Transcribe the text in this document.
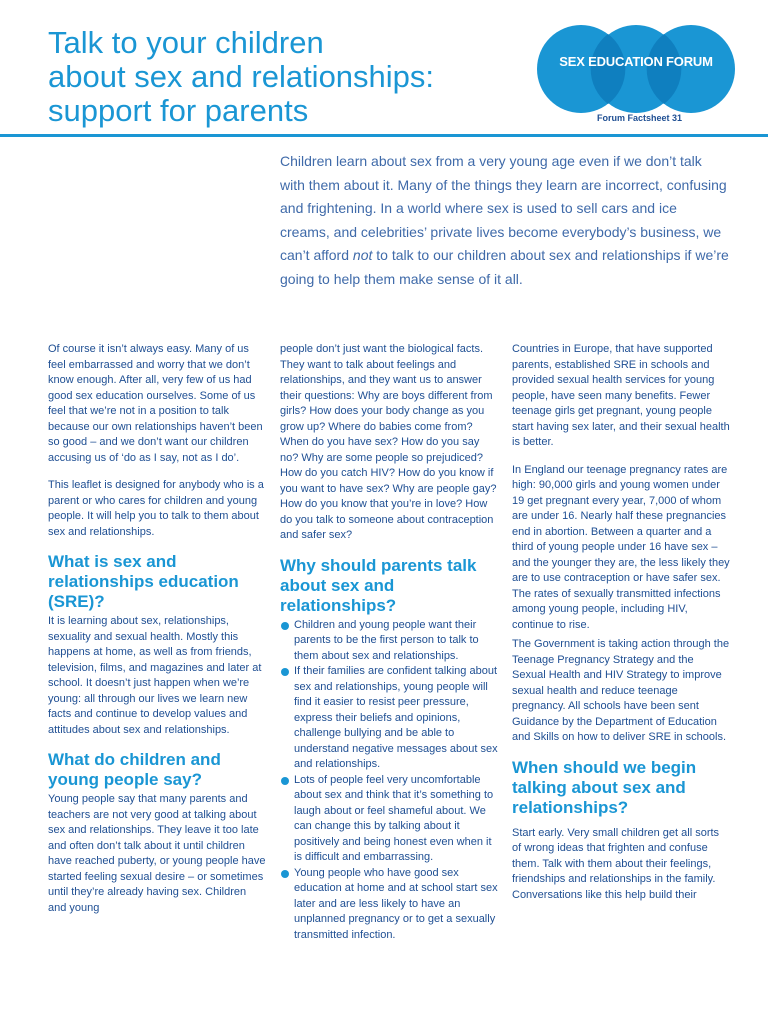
Talk to your children
about sex and relationships:
support for parents
SEX EDUCATION FORUM
Forum Factsheet 31

Children learn about sex from a very young age even if we don’t talk with them about it. Many of the things they learn are incorrect, confusing and frightening. In a world where sex is used to sell cars and ice creams, and celebrities’ private lives become everybody’s business, we can’t afford not to talk to our children about sex and relationships if we’re going to help them make sense of it all.

Of course it isn’t always easy. Many of us feel embarrassed and worry that we don’t know enough. After all, very few of us had good sex education ourselves. Some of us feel that we’re not in a position to talk because our own relationships haven’t been so good – and we don’t want our children accusing us of ‘do as I say, not as I do’.

This leaflet is designed for anybody who is a parent or who cares for children and young people. It will help you to talk to them about sex and relationships.

What is sex and relationships education (SRE)?

It is learning about sex, relationships, sexuality and sexual health. Mostly this happens at home, as well as from friends, television, films, and magazines and later at school. It doesn’t just happen when we’re young: all through our lives we learn new facts and continue to develop values and attitudes about sex and relationships.

What do children and young people say?

Young people say that many parents and teachers are not very good at talking about sex and relationships. They leave it too late and often don’t talk about it until children have reached puberty, or young people have started feeling sexual desire – or sometimes until they’re already having sex. Children and young

people don’t just want the biological facts. They want to talk about feelings and relationships, and they want us to answer their questions: Why are boys different from girls? How does your body change as you grow up? Where do babies come from? When do you have sex? How do you say no? Why are some people so prejudiced? How do you catch HIV? How do you know if you want to have sex? Why are people gay? How do you know that you’re in love? How do you talk to someone about contraception and safer sex?

Why should parents talk about sex and relationships?
Children and young people want their parents to be the first person to talk to them about sex and relationships.
If their families are confident talking about sex and relationships, young people will find it easier to resist peer pressure, express their beliefs and opinions, challenge bullying and be able to understand negative messages about sex and relationships.
Lots of people feel very uncomfortable about sex and think that it’s something to laugh about or feel shameful about. We can change this by talking about it positively and being honest even when it is difficult and embarrassing.
Young people who have good sex education at home and at school start sex later and are less likely to have an unplanned pregnancy or to get a sexually transmitted infection.

Countries in Europe, that have supported parents, established SRE in schools and provided sexual health services for young people, have seen many benefits. Fewer teenage girls get pregnant, young people start having sex later, and their sexual health is better.

In England our teenage pregnancy rates are high: 90,000 girls and young women under 19 get pregnant every year, 7,000 of whom are under 16. Nearly half these pregnancies end in abortion. Between a quarter and a third of young people under 16 have sex – and the younger they are, the less likely they are to use contraception or have safer sex. The rates of sexually transmitted infections among young people, including HIV, continue to rise.

The Government is taking action through the Teenage Pregnancy Strategy and the Sexual Health and HIV Strategy to improve sexual health and reduce teenage pregnancy. All schools have been sent Guidance by the Department of Education and Skills on how to deliver SRE in schools.

When should we begin talking about sex and relationships?

Start early. Very small children get all sorts of wrong ideas that frighten and confuse them. Talk with them about their feelings, friendships and relationships in the family. Conversations like this help build their
